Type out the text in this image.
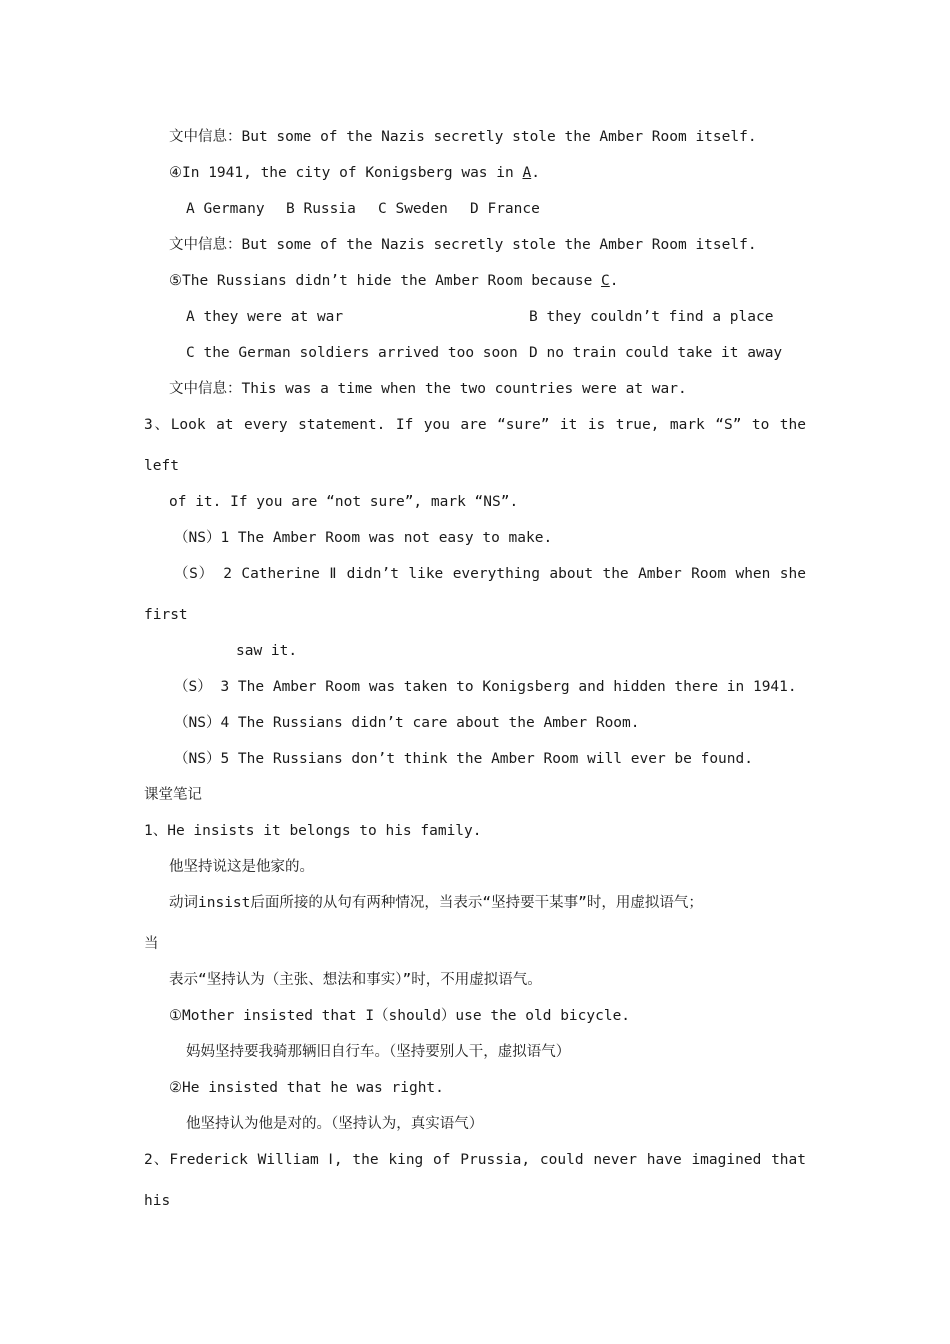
文中信息：But some of the Nazis secretly stole the Amber Room itself.
④In 1941, the city of Konigsberg was in A.
A Germany B Russia C Sweden D France
文中信息：But some of the Nazis secretly stole the Amber Room itself.
⑤The Russians didn’t hide the Amber Room because C.
A they were at war	B they couldn’t find a place
C the German soldiers arrived too soon D no train could take it away
文中信息：This was a time when the two countries were at war.
3、Look at every statement. If you are “sure” it is true, mark “S” to the
left
of it. If you are “not sure”, mark “NS”.
（NS）1 The Amber Room was not easy to make.
（S） 2 Catherine Ⅱ didn’t like everything about the Amber Room when she
first
saw it.
（S） 3 The Amber Room was taken to Konigsberg and hidden there in 1941.
（NS）4 The Russians didn’t care about the Amber Room.
（NS）5 The Russians don’t think the Amber Room will ever be found.
课堂笔记
1、He insists it belongs to his family.
他坚持说这是他家的。
动词insist后面所接的从句有两种情况，当表示“坚持要干某事”时，用虚拟语气；
当
表示“坚持认为（主张、想法和事实）”时，不用虚拟语气。
①Mother insisted that I（should）use the old bicycle.
妈妈坚持要我骑那辆旧自行车。（坚持要别人干，虚拟语气）
②He insisted that he was right.
他坚持认为他是对的。（坚持认为，真实语气）
2、Frederick William Ⅰ, the king of Prussia, could never have imagined that
his
